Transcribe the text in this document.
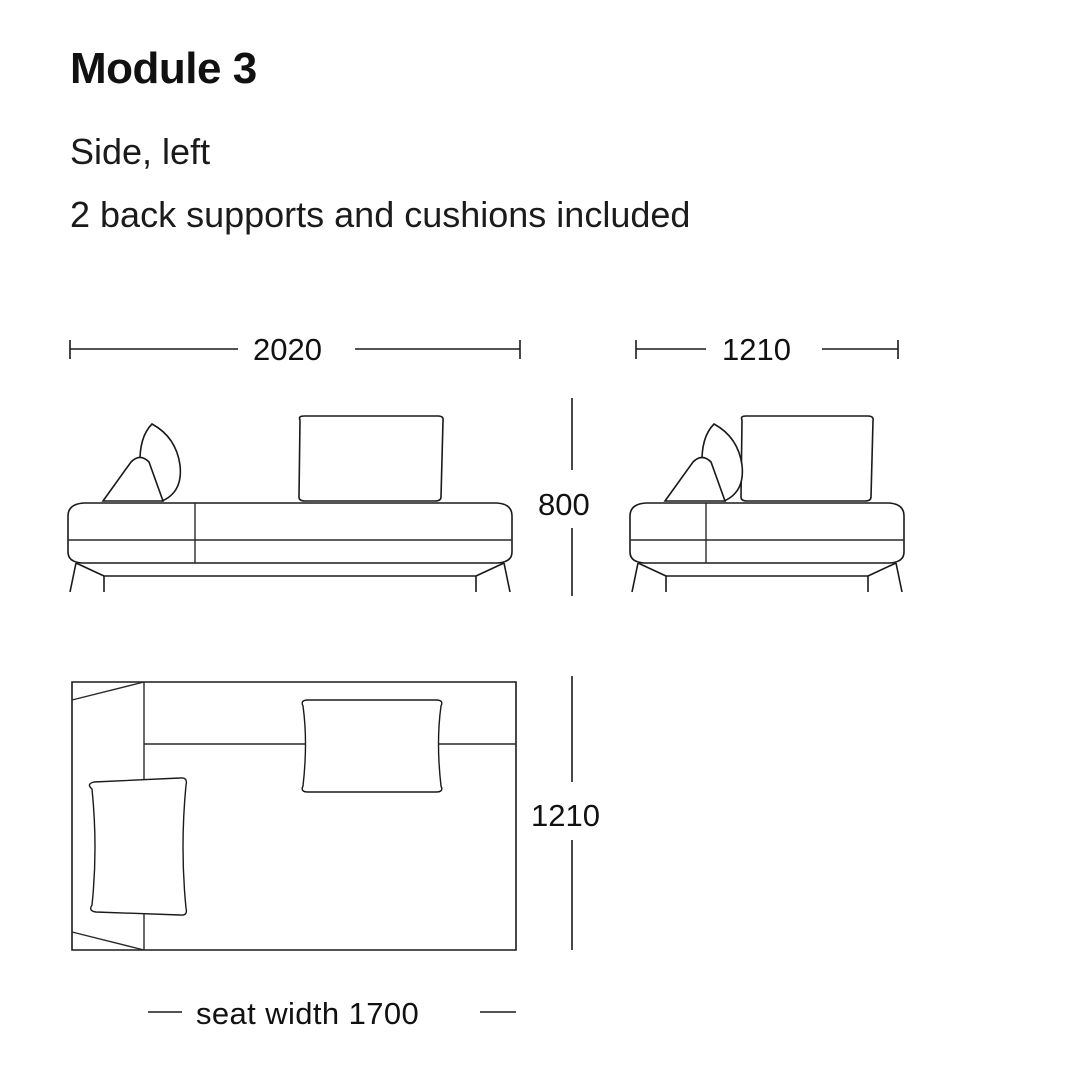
Module 3
Side, left
2 back supports and cushions included
2020	1210
800
1210
seat width 1700
